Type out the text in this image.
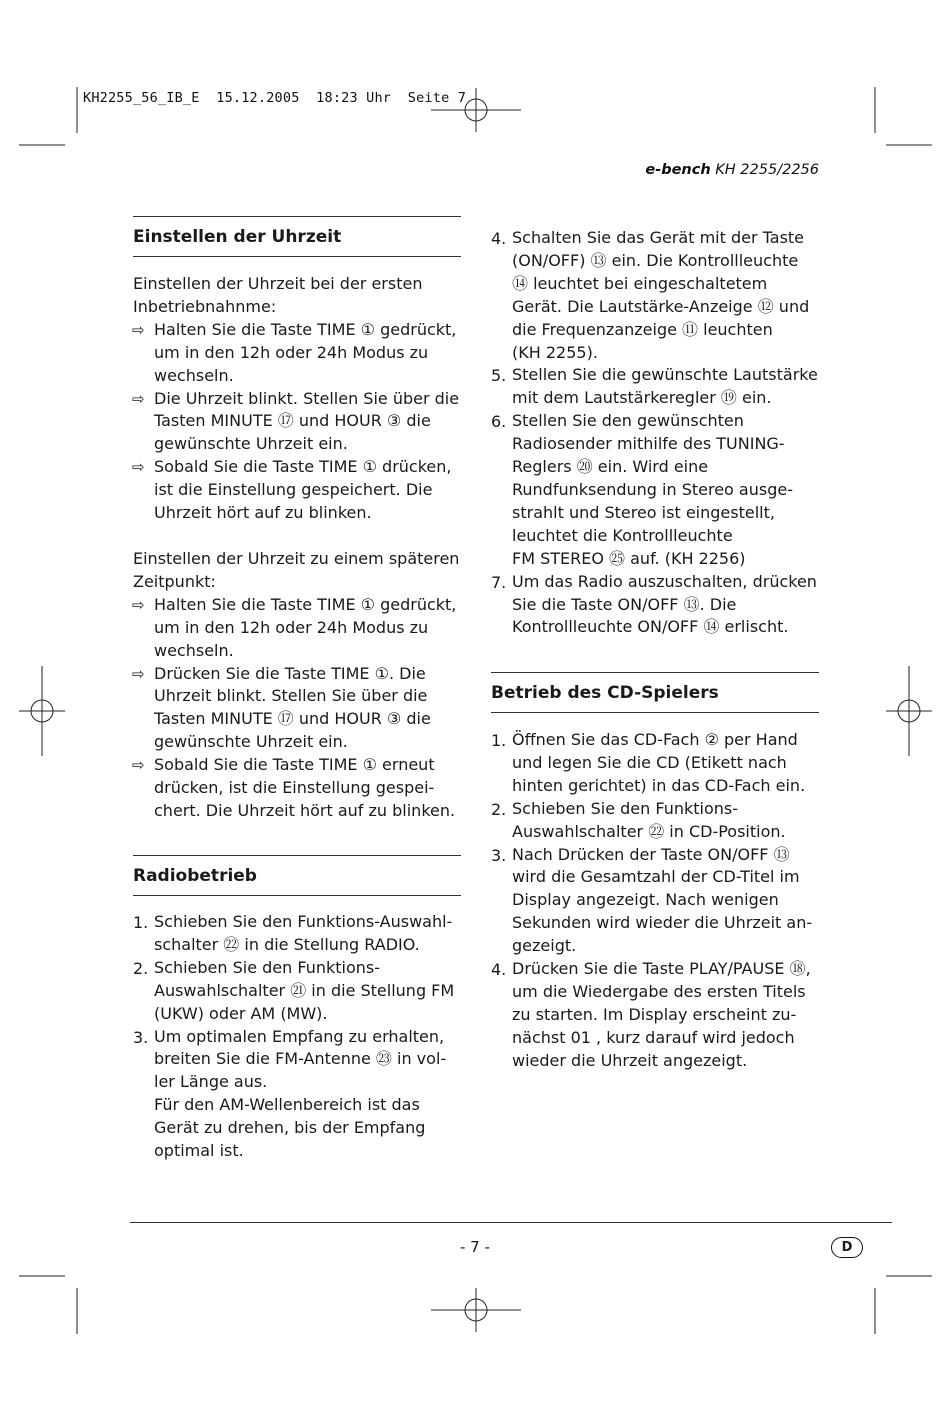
KH2255_56_IB_E  15.12.2005  18:23 Uhr  Seite 7
e-bench KH 2255/2256
Einstellen der Uhrzeit
Einstellen der Uhrzeit bei der ersten
Inbetriebnahnme:
⇨ Halten Sie die Taste TIME ① gedrückt,
um in den 12h oder 24h Modus zu
wechseln.
⇨ Die Uhrzeit blinkt. Stellen Sie über die
Tasten MINUTE ⑰ und HOUR ③ die
gewünschte Uhrzeit ein.
⇨ Sobald Sie die Taste TIME ① drücken,
ist die Einstellung gespeichert. Die
Uhrzeit hört auf zu blinken.
Einstellen der Uhrzeit zu einem späteren
Zeitpunkt:
⇨ Halten Sie die Taste TIME ① gedrückt,
um in den 12h oder 24h Modus zu
wechseln.
⇨ Drücken Sie die Taste TIME ①. Die
Uhrzeit blinkt. Stellen Sie über die
Tasten MINUTE ⑰ und HOUR ③ die
gewünschte Uhrzeit ein.
⇨ Sobald Sie die Taste TIME ① erneut
drücken, ist die Einstellung gespei-
chert. Die Uhrzeit hört auf zu blinken.
Radiobetrieb
1. Schieben Sie den Funktions-Auswahl-
schalter ㉒ in die Stellung RADIO.
2. Schieben Sie den Funktions-
Auswahlschalter ㉑ in die Stellung FM
(UKW) oder AM (MW).
3. Um optimalen Empfang zu erhalten,
breiten Sie die FM-Antenne ㉓ in vol-
ler Länge aus.
Für den AM-Wellenbereich ist das
Gerät zu drehen, bis der Empfang
optimal ist.
4. Schalten Sie das Gerät mit der Taste
(ON/OFF) ⑬ ein. Die Kontrollleuchte
⑭ leuchtet bei eingeschaltetem
Gerät. Die Lautstärke-Anzeige ⑫ und
die Frequenzanzeige ⑪ leuchten
(KH 2255).
5. Stellen Sie die gewünschte Lautstärke
mit dem Lautstärkeregler ⑲ ein.
6. Stellen Sie den gewünschten
Radiosender mithilfe des TUNING-
Reglers ⑳ ein. Wird eine
Rundfunksendung in Stereo ausge-
strahlt und Stereo ist eingestellt,
leuchtet die Kontrollleuchte
FM STEREO ㉕ auf. (KH 2256)
7. Um das Radio auszuschalten, drücken
Sie die Taste ON/OFF ⑬. Die
Kontrollleuchte ON/OFF ⑭ erlischt.
Betrieb des CD-Spielers
1. Öffnen Sie das CD-Fach ② per Hand
und legen Sie die CD (Etikett nach
hinten gerichtet) in das CD-Fach ein.
2. Schieben Sie den Funktions-
Auswahlschalter ㉒ in CD-Position.
3. Nach Drücken der Taste ON/OFF ⑬
wird die Gesamtzahl der CD-Titel im
Display angezeigt. Nach wenigen
Sekunden wird wieder die Uhrzeit an-
gezeigt.
4. Drücken Sie die Taste PLAY/PAUSE ⑱,
um die Wiedergabe des ersten Titels
zu starten. Im Display erscheint zu-
nächst 01 , kurz darauf wird jedoch
wieder die Uhrzeit angezeigt.
- 7 -	D
